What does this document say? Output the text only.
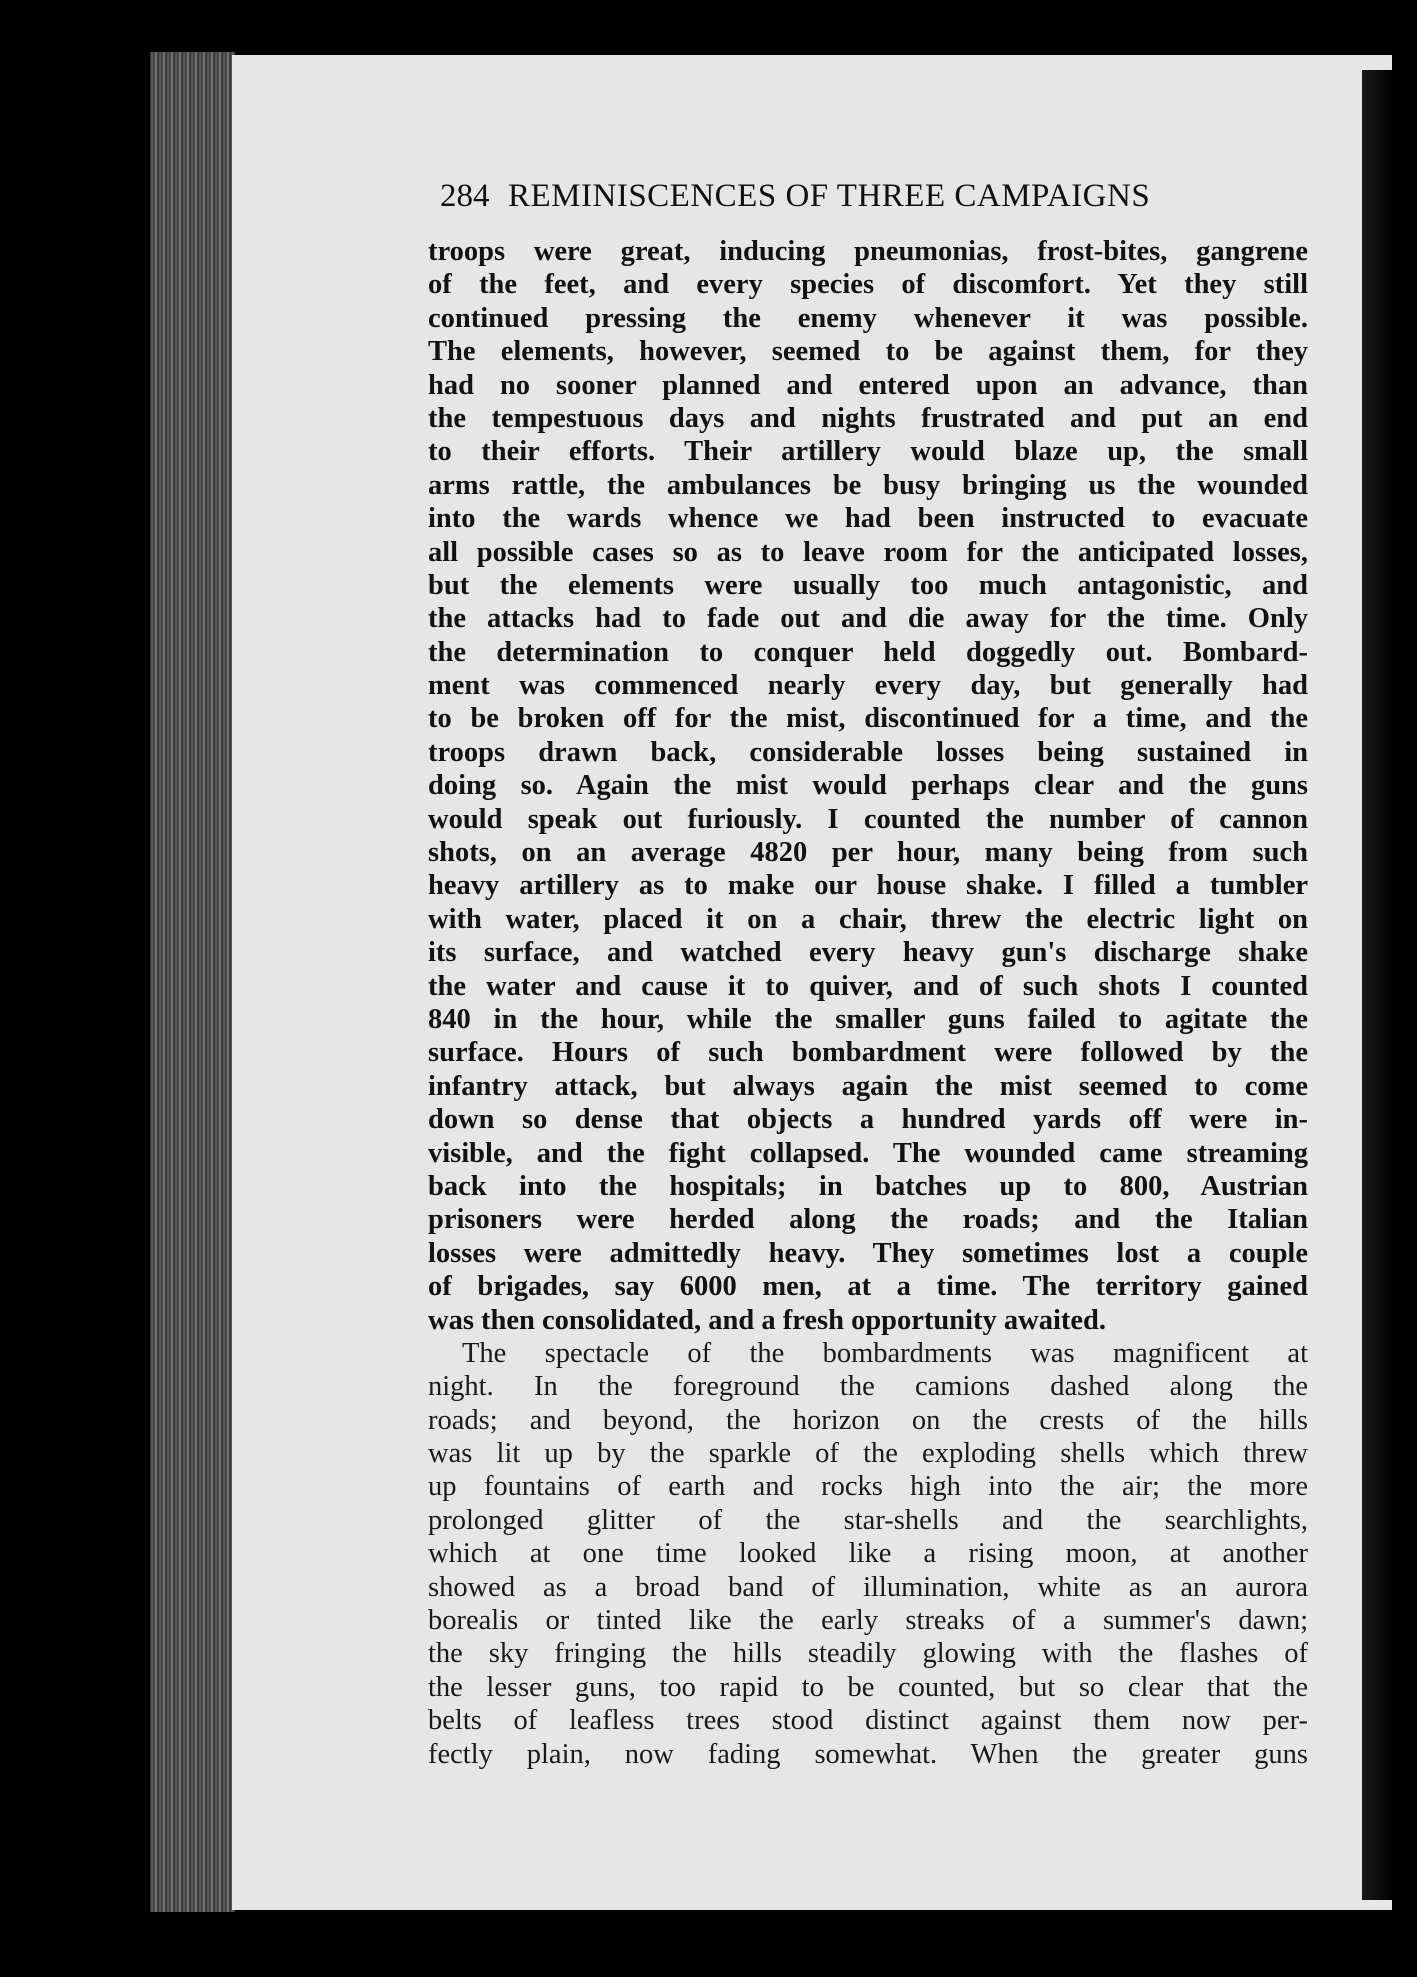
284 REMINISCENCES OF THREE CAMPAIGNS
troops were great, inducing pneumonias, frost-bites, gangrene
of the feet, and every species of discomfort. Yet they still
continued pressing the enemy whenever it was possible.
The elements, however, seemed to be against them, for they
had no sooner planned and entered upon an advance, than
the tempestuous days and nights frustrated and put an end
to their efforts. Their artillery would blaze up, the small
arms rattle, the ambulances be busy bringing us the wounded
into the wards whence we had been instructed to evacuate
all possible cases so as to leave room for the anticipated losses,
but the elements were usually too much antagonistic, and
the attacks had to fade out and die away for the time. Only
the determination to conquer held doggedly out. Bombard-
ment was commenced nearly every day, but generally had
to be broken off for the mist, discontinued for a time, and the
troops drawn back, considerable losses being sustained in
doing so. Again the mist would perhaps clear and the guns
would speak out furiously. I counted the number of cannon
shots, on an average 4820 per hour, many being from such
heavy artillery as to make our house shake. I filled a tumbler
with water, placed it on a chair, threw the electric light on
its surface, and watched every heavy gun's discharge shake
the water and cause it to quiver, and of such shots I counted
840 in the hour, while the smaller guns failed to agitate the
surface. Hours of such bombardment were followed by the
infantry attack, but always again the mist seemed to come
down so dense that objects a hundred yards off were in-
visible, and the fight collapsed. The wounded came streaming
back into the hospitals; in batches up to 800, Austrian
prisoners were herded along the roads; and the Italian
losses were admittedly heavy. They sometimes lost a couple
of brigades, say 6000 men, at a time. The territory gained
was then consolidated, and a fresh opportunity awaited.
The spectacle of the bombardments was magnificent at
night. In the foreground the camions dashed along the
roads; and beyond, the horizon on the crests of the hills
was lit up by the sparkle of the exploding shells which threw
up fountains of earth and rocks high into the air; the more
prolonged glitter of the star-shells and the searchlights,
which at one time looked like a rising moon, at another
showed as a broad band of illumination, white as an aurora
borealis or tinted like the early streaks of a summer's dawn;
the sky fringing the hills steadily glowing with the flashes of
the lesser guns, too rapid to be counted, but so clear that the
belts of leafless trees stood distinct against them now per-
fectly plain, now fading somewhat. When the greater guns
